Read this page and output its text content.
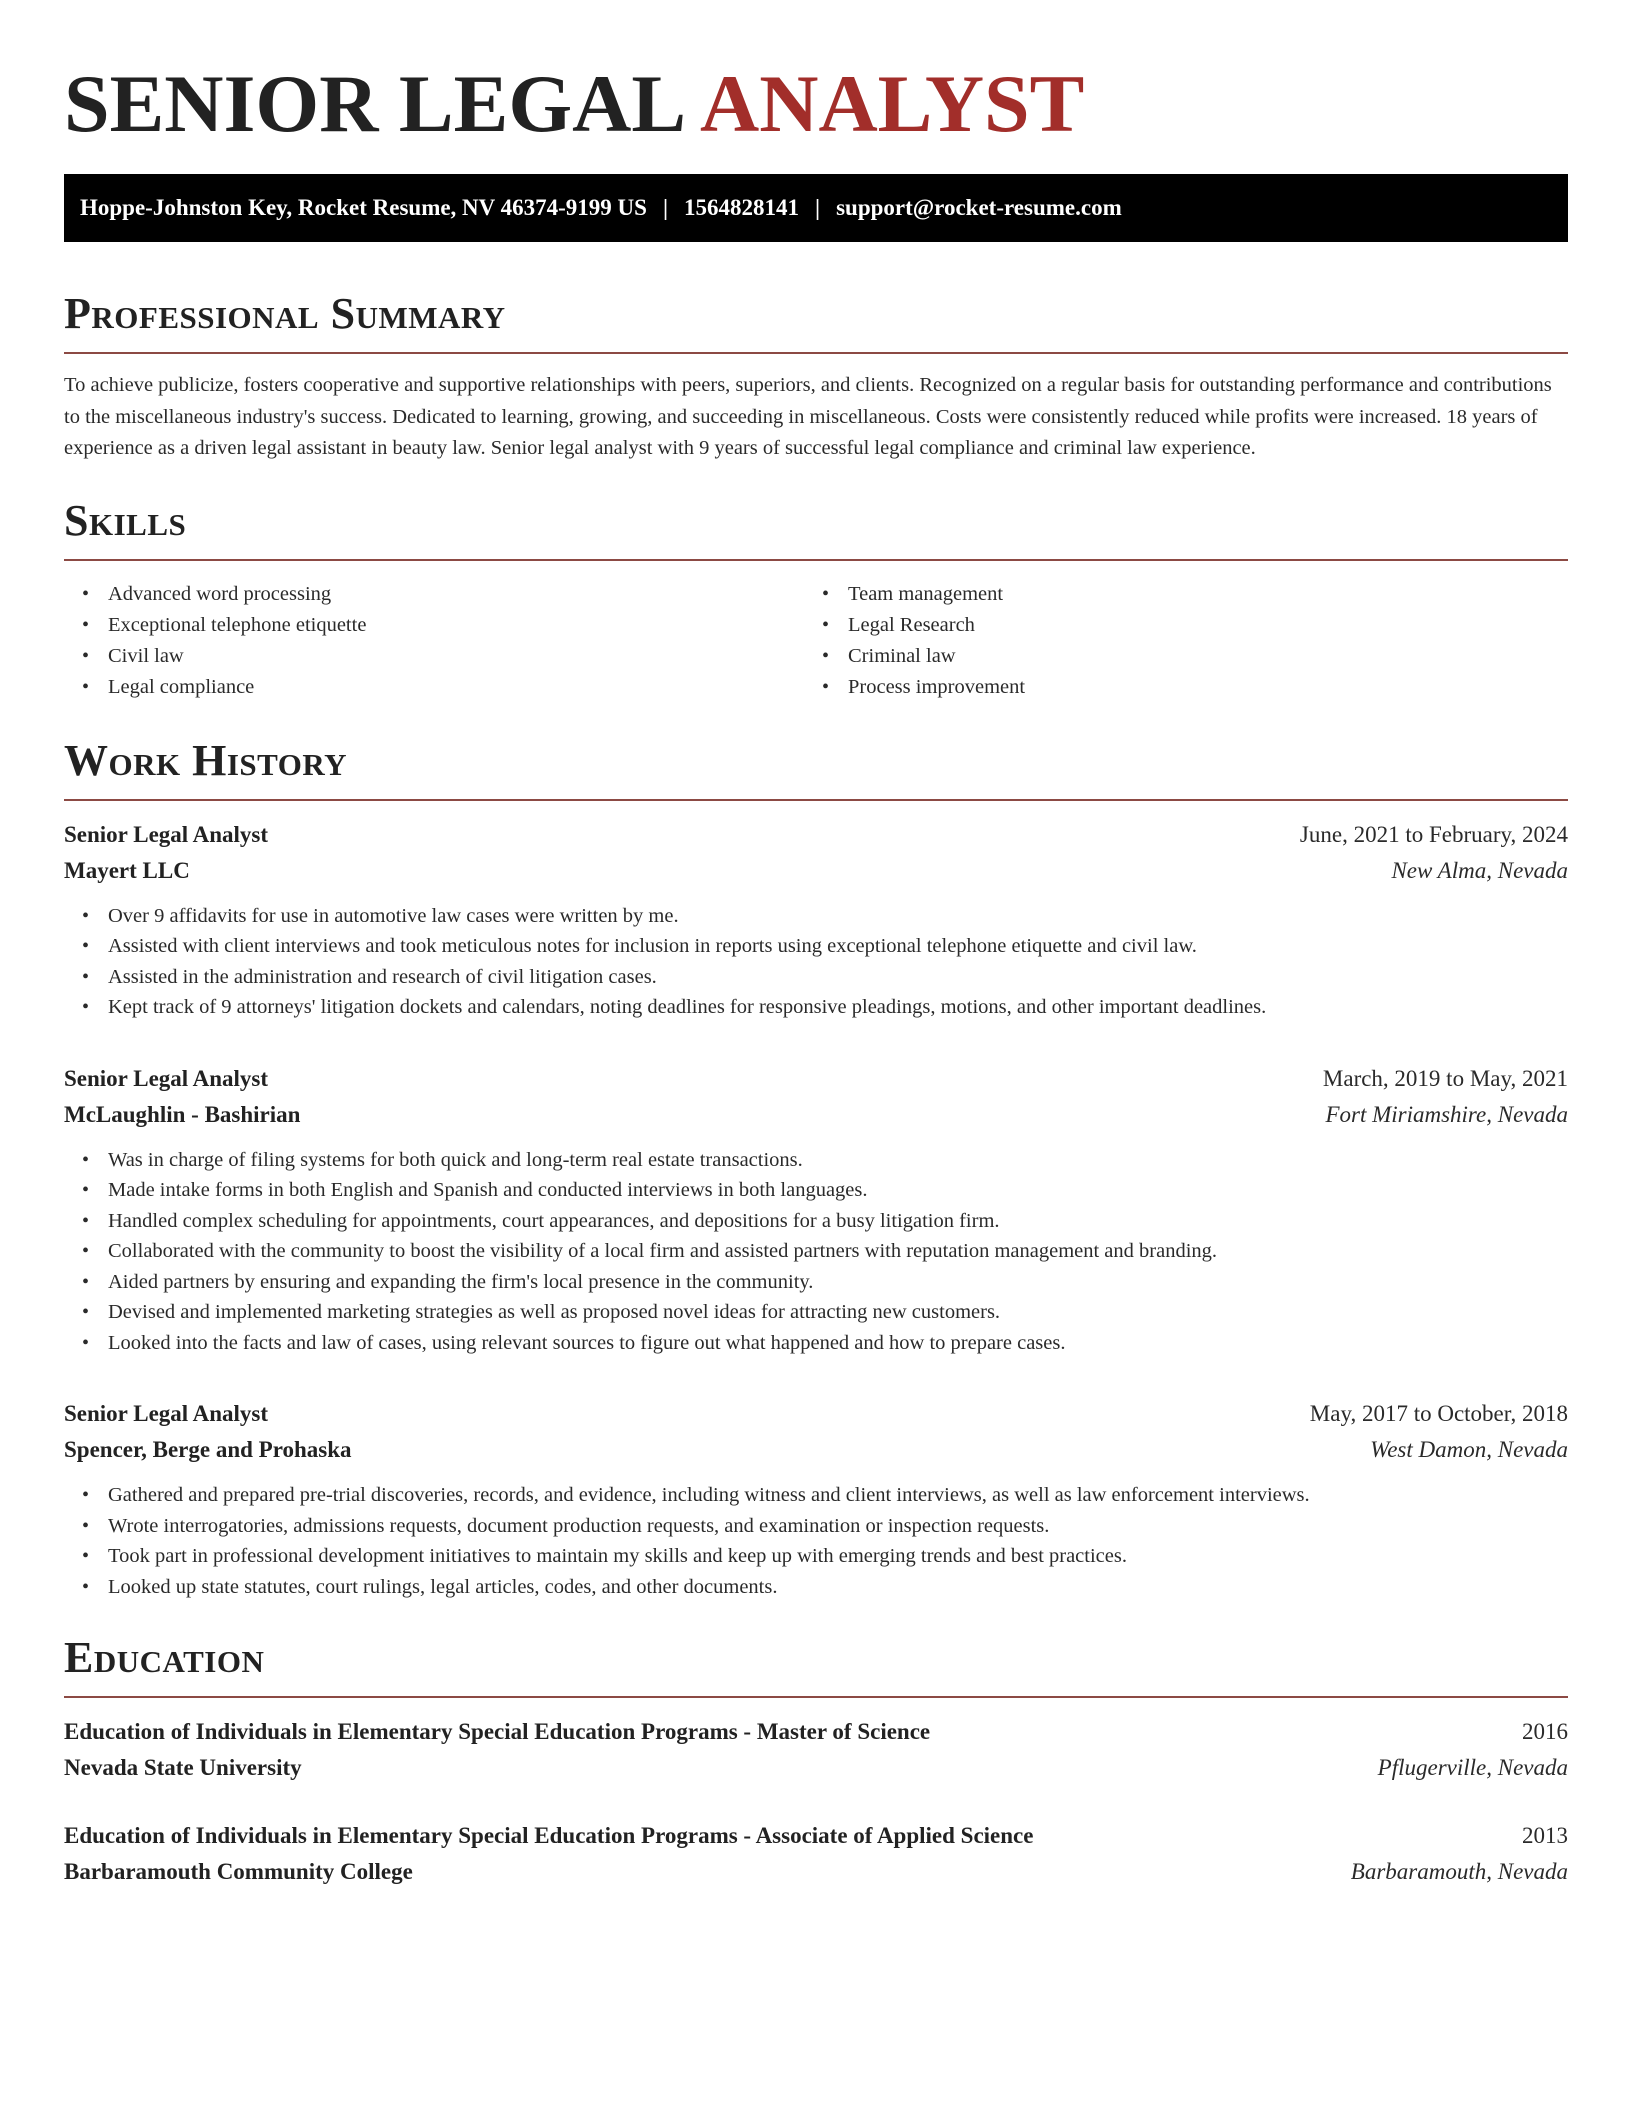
SENIOR LEGAL ANALYST
Hoppe-Johnston Key, Rocket Resume, NV 46374-9199 US | 1564828141 | support@rocket-resume.com
Professional Summary

To achieve publicize, fosters cooperative and supportive relationships with peers, superiors, and clients. Recognized on a regular basis for outstanding performance and contributions to the miscellaneous industry's success. Dedicated to learning, growing, and succeeding in miscellaneous. Costs were consistently reduced while profits were increased. 18 years of experience as a driven legal assistant in beauty law. Senior legal analyst with 9 years of successful legal compliance and criminal law experience.

Skills
• Advanced word processing
• Exceptional telephone etiquette
• Civil law
• Legal compliance
• Team management
• Legal Research
• Criminal law
• Process improvement
Work History
Senior Legal Analyst	June, 2021 to February, 2024
Mayert LLC	New Alma, Nevada
• Over 9 affidavits for use in automotive law cases were written by me.
• Assisted with client interviews and took meticulous notes for inclusion in reports using exceptional telephone etiquette and civil law.
• Assisted in the administration and research of civil litigation cases.
• Kept track of 9 attorneys' litigation dockets and calendars, noting deadlines for responsive pleadings, motions, and other important deadlines.
Senior Legal Analyst	March, 2019 to May, 2021
McLaughlin - Bashirian	Fort Miriamshire, Nevada
• Was in charge of filing systems for both quick and long-term real estate transactions.
• Made intake forms in both English and Spanish and conducted interviews in both languages.
• Handled complex scheduling for appointments, court appearances, and depositions for a busy litigation firm.
• Collaborated with the community to boost the visibility of a local firm and assisted partners with reputation management and branding.
• Aided partners by ensuring and expanding the firm's local presence in the community.
• Devised and implemented marketing strategies as well as proposed novel ideas for attracting new customers.
• Looked into the facts and law of cases, using relevant sources to figure out what happened and how to prepare cases.
Senior Legal Analyst	May, 2017 to October, 2018
Spencer, Berge and Prohaska	West Damon, Nevada
• Gathered and prepared pre-trial discoveries, records, and evidence, including witness and client interviews, as well as law enforcement interviews.
• Wrote interrogatories, admissions requests, document production requests, and examination or inspection requests.
• Took part in professional development initiatives to maintain my skills and keep up with emerging trends and best practices.
• Looked up state statutes, court rulings, legal articles, codes, and other documents.
Education
Education of Individuals in Elementary Special Education Programs - Master of Science	2016
Nevada State University	Pflugerville, Nevada
Education of Individuals in Elementary Special Education Programs - Associate of Applied Science	2013
Barbaramouth Community College	Barbaramouth, Nevada
